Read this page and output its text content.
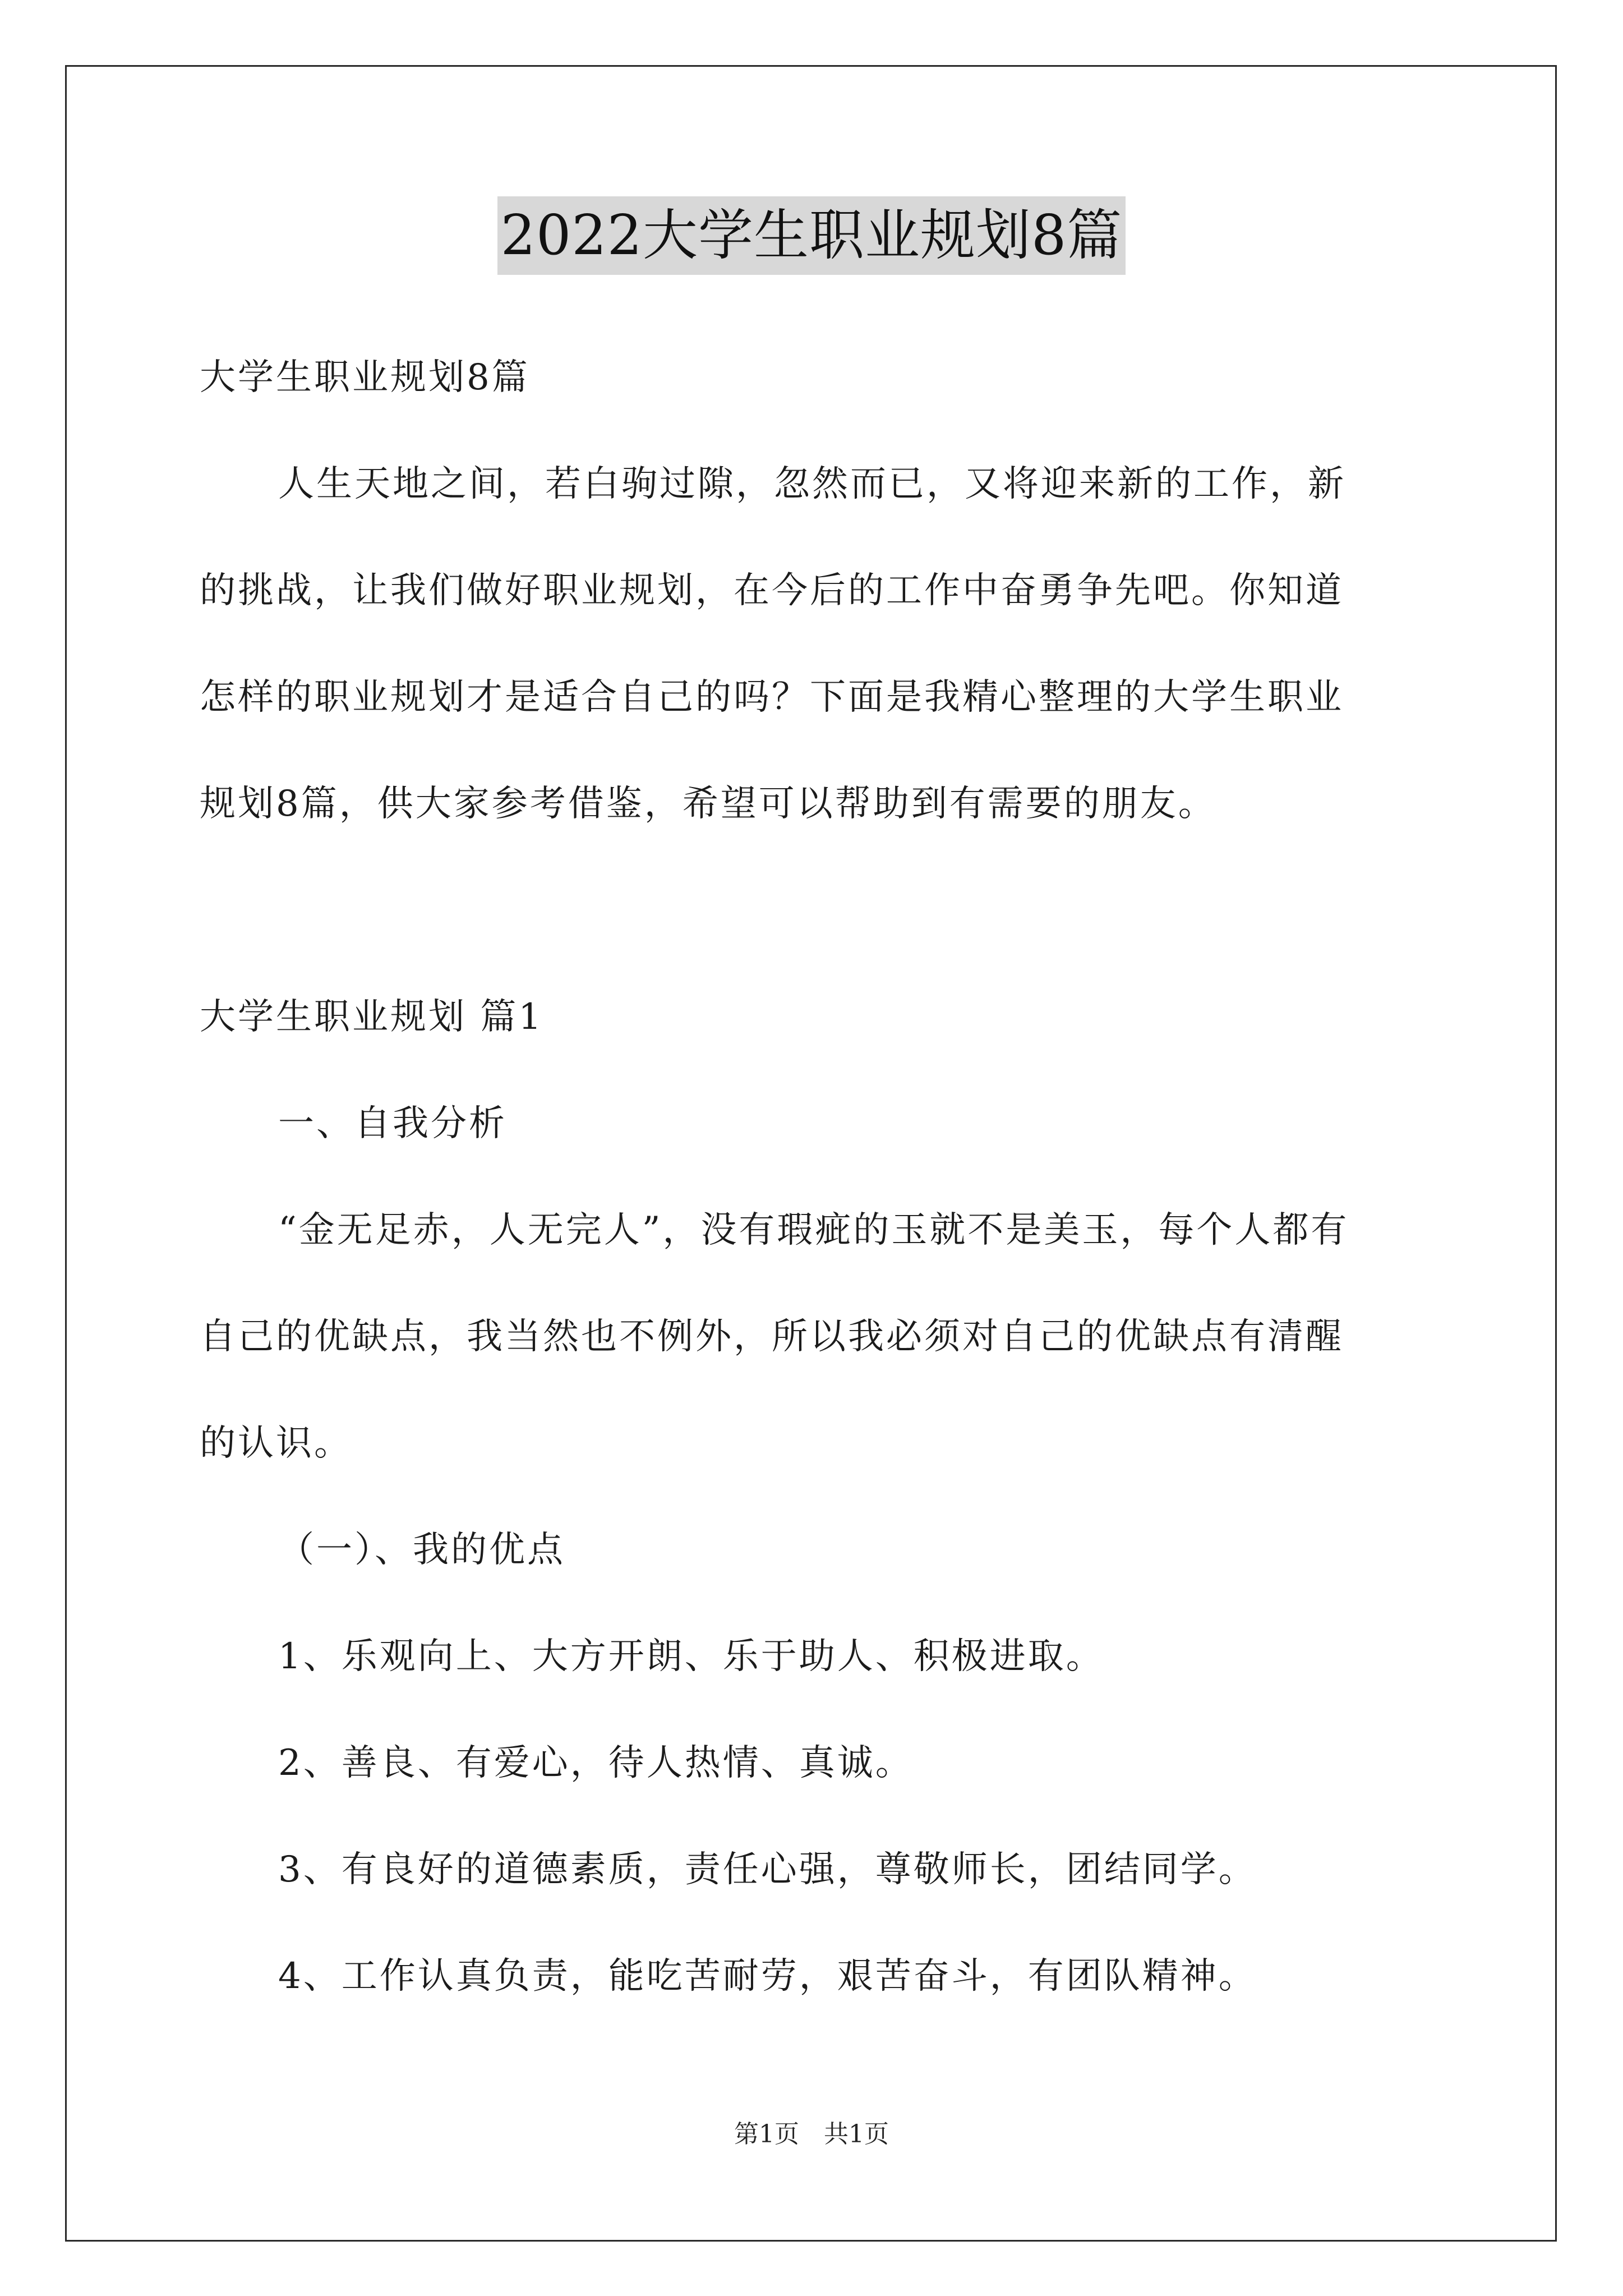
2022大学生职业规划8篇
大学生职业规划8篇
人生天地之间，若白驹过隙，忽然而已，又将迎来新的工作，新
的挑战，让我们做好职业规划，在今后的工作中奋勇争先吧。你知道
怎样的职业规划才是适合自己的吗？下面是我精心整理的大学生职业
规划8篇，供大家参考借鉴，希望可以帮助到有需要的朋友。
大学生职业规划 篇1
一、自我分析
“金无足赤，人无完人”，没有瑕疵的玉就不是美玉，每个人都有
自己的优缺点，我当然也不例外，所以我必须对自己的优缺点有清醒
的认识。
（一）、我的优点
1、乐观向上、大方开朗、乐于助人、积极进取。
2、善良、有爱心，待人热情、真诚。
3、有良好的道德素质，责任心强，尊敬师长，团结同学。
4、工作认真负责，能吃苦耐劳，艰苦奋斗，有团队精神。
第1页　共1页
